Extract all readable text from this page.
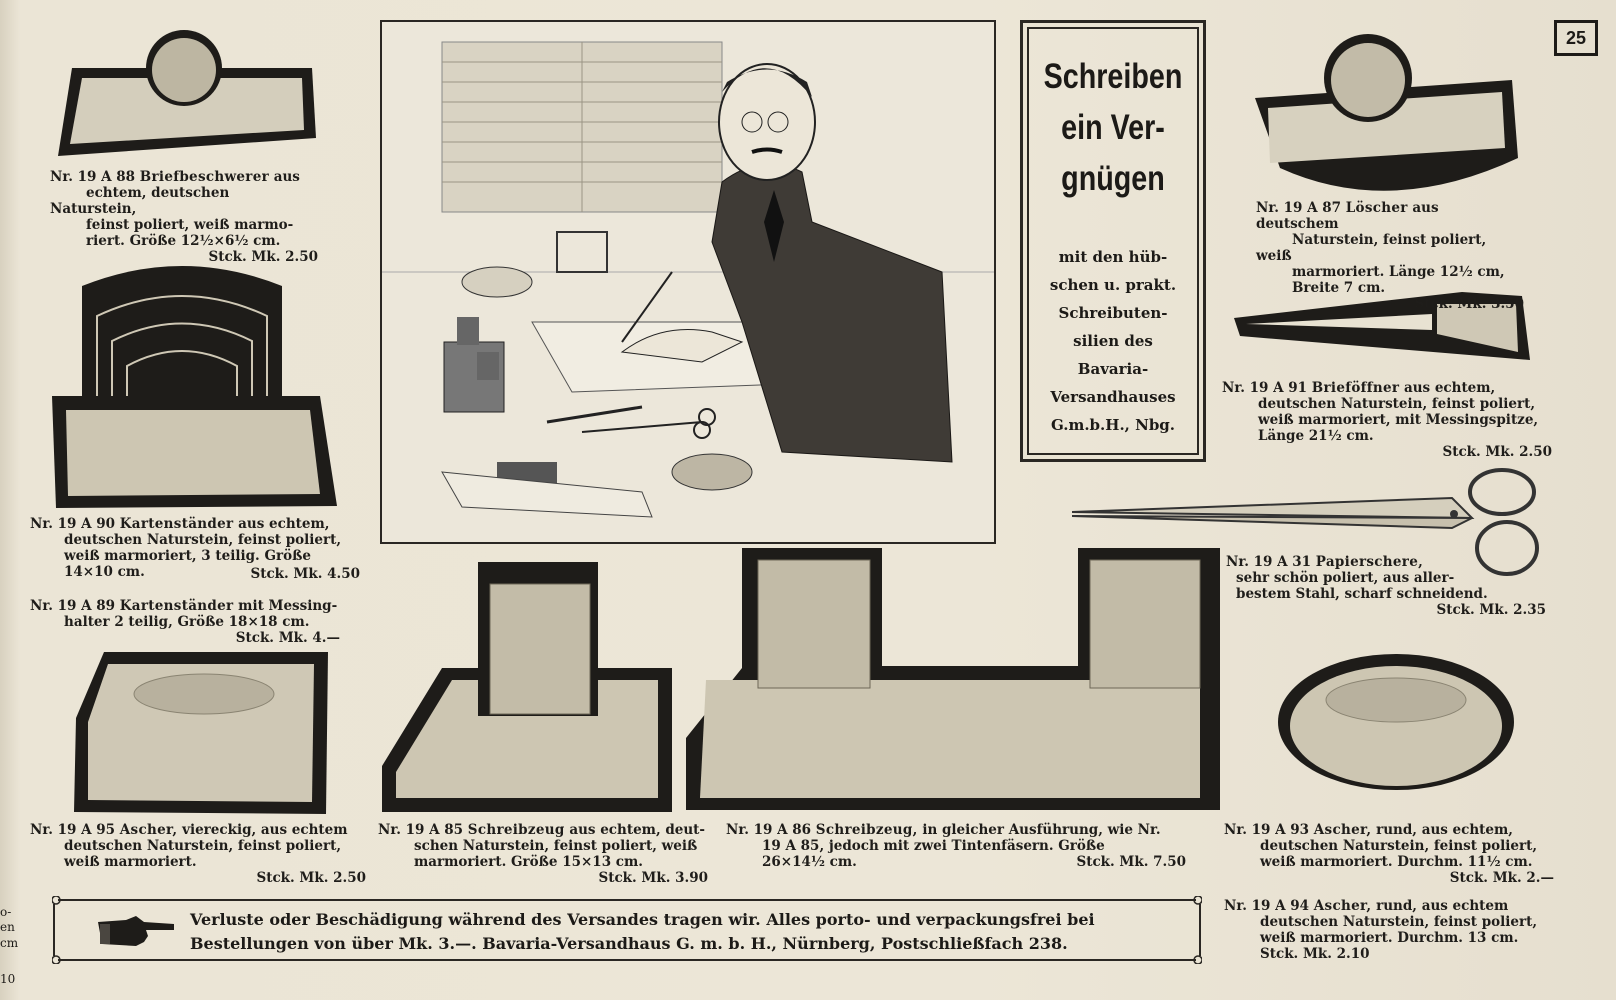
25
o-
en
cm
10
Schreiben
ein Ver-
gnügen
mit den hüb-
schen u. prakt.
Schreibuten-
silien des
Bavaria-
Versandhauses
G.m.b.H., Nbg.
Nr. 19 A 88 Briefbeschwerer aus
echtem, deutschen Naturstein,
feinst poliert, weiß marmo-
riert. Größe 12½×6½ cm.
Stck. Mk. 2.50
Nr. 19 A 87 Löscher aus deutschem
Naturstein, feinst poliert, weiß
marmoriert. Länge 12½ cm,
Breite 7 cm.
Stck. Mk. 3.50
Nr. 19 A 91 Brieföffner aus echtem,
deutschen Naturstein, feinst poliert,
weiß marmoriert, mit Messingspitze,
Länge 21½ cm.
Stck. Mk. 2.50
Nr. 19 A 90 Kartenständer aus echtem,
deutschen Naturstein, feinst poliert,
weiß marmoriert, 3 teilig. Größe
14×10 cm.	Stck. Mk. 4.50
Nr. 19 A 89 Kartenständer mit Messing-
halter 2 teilig, Größe 18×18 cm.
Stck. Mk. 4.—
Nr. 19 A 31 Papierschere,
sehr schön poliert, aus aller-
bestem Stahl, scharf schneidend.
Stck. Mk. 2.35
Nr. 19 A 95 Ascher, viereckig, aus echtem
deutschen Naturstein, feinst poliert,
weiß marmoriert.
Stck. Mk. 2.50
Nr. 19 A 85 Schreibzeug aus echtem, deut-
schen Naturstein, feinst poliert, weiß
marmoriert. Größe 15×13 cm.
Stck. Mk. 3.90
Nr. 19 A 86 Schreibzeug, in gleicher Ausführung, wie Nr.
19 A 85, jedoch mit zwei Tintenfäsern. Größe
26×14½ cm.	Stck. Mk. 7.50
Nr. 19 A 93 Ascher, rund, aus echtem,
deutschen Naturstein, feinst poliert,
weiß marmoriert. Durchm. 11½ cm.
Stck. Mk. 2.—
Nr. 19 A 94 Ascher, rund, aus echtem
deutschen Naturstein, feinst poliert,
weiß marmoriert. Durchm. 13 cm.
Stck. Mk. 2.10
Verluste oder Beschädigung während des Versandes tragen wir. Alles porto- und verpackungsfrei bei
Bestellungen von über Mk. 3.—. Bavaria-Versandhaus G. m. b. H., Nürnberg, Postschließfach 238.
